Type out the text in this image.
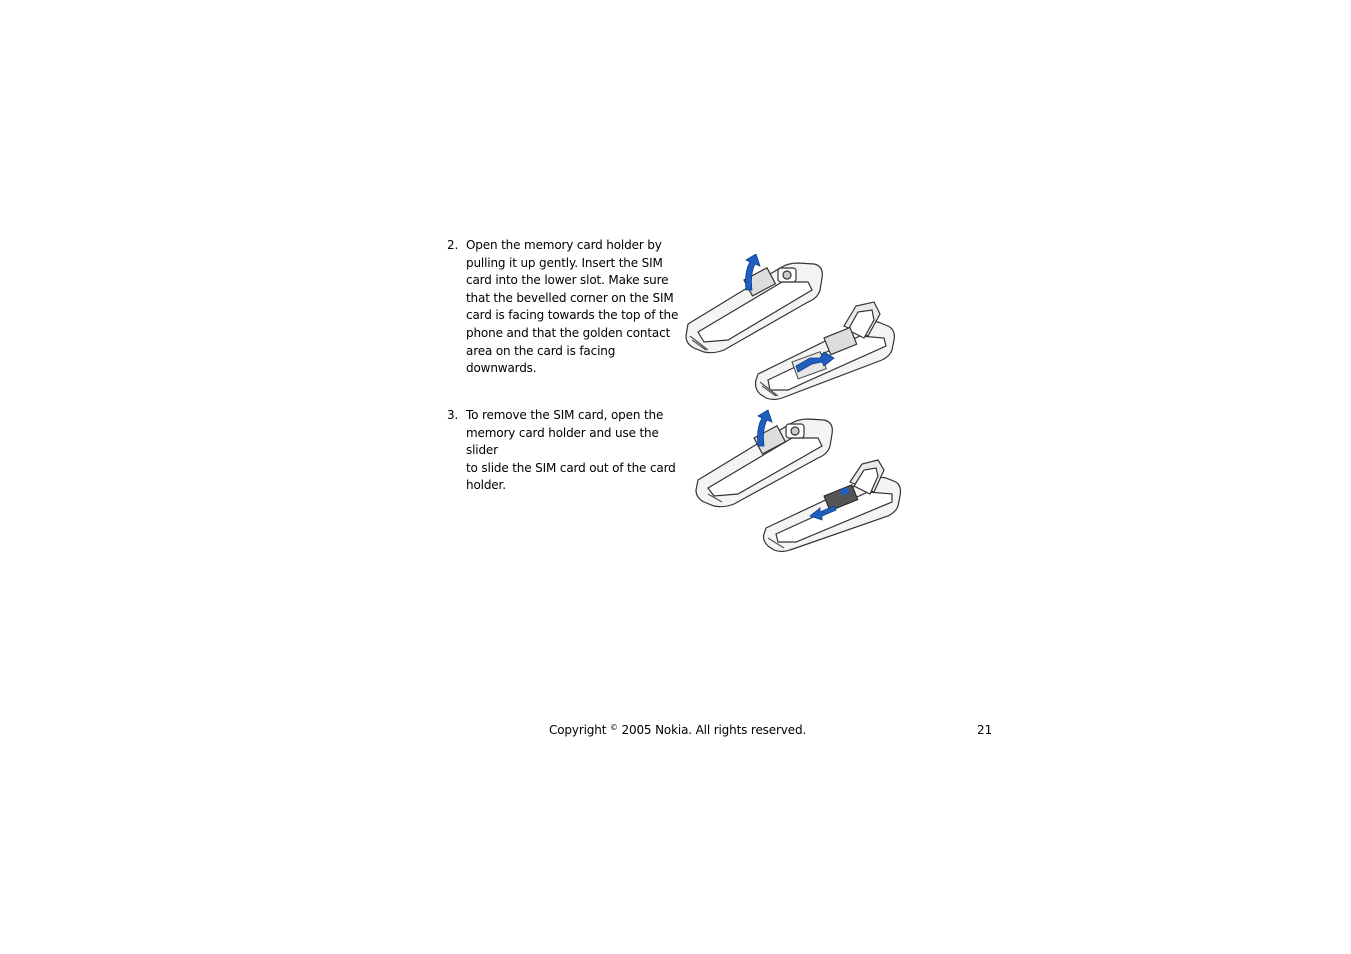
2. Open the memory card holder by
pulling it up gently. Insert the SIM
card into the lower slot. Make sure
that the bevelled corner on the SIM
card is facing towards the top of the
phone and that the golden contact
area on the card is facing
downwards.
3. To remove the SIM card, open the
memory card holder and use the slider
to slide the SIM card out of the card
holder.
Copyright © 2005 Nokia. All rights reserved.	21
